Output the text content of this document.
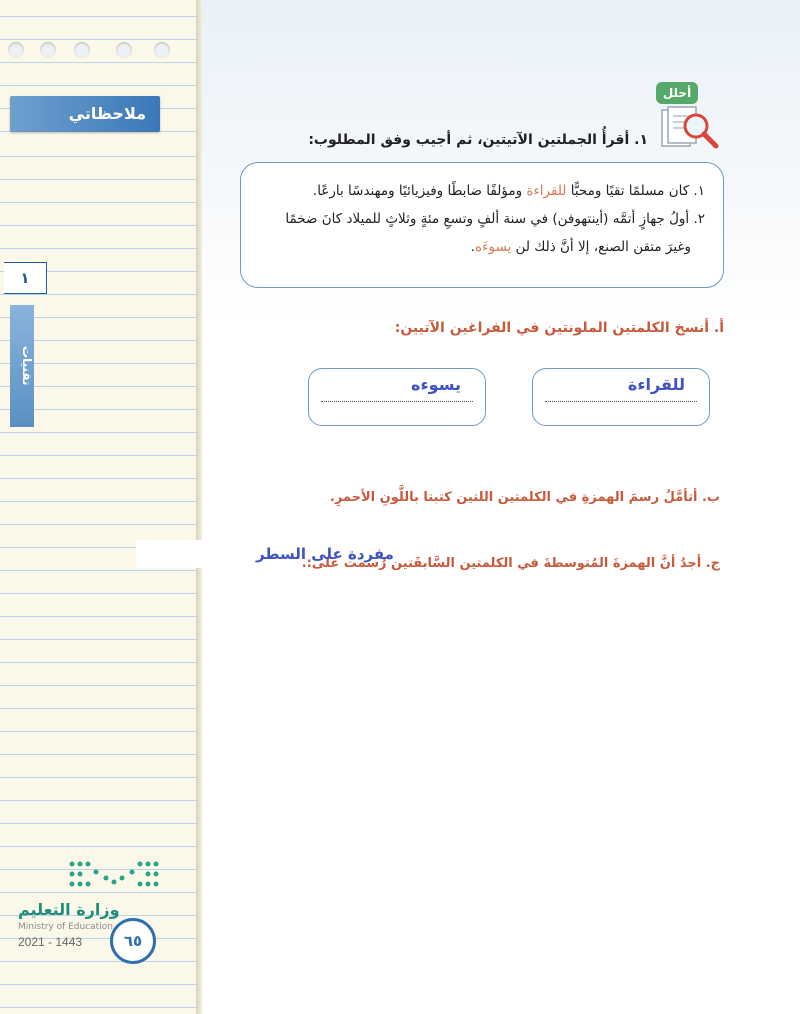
ملاحظاتي
١
تقنيات
وزارة التعليم
Ministry of Education
2021 - 1443	٦٥
أحلل
١. أقرأُ الجملتين الآتيتين، ثم أجيب وفق المطلوب:

١. كان مسلمًا تقيًا ومحبًّا للقراءة ومؤلفًا ضابطًا وفيزيائيًا ومهندسًا بارعًا.

٢. أولُ جهازٍ أتمَّه (أينتهوفن) في سنة ألفٍ وتسعِ مئةٍ وثلاثٍ للميلاد كانَ ضخمًا

وغيرَ متقن الصنع، إلا أنَّ ذلك لن يسوءَه.

أ. أنسخ الكلمتين الملونتين في الفراغين الآتيين:
للقراءة
يسوءه
ب. أتأمَّلُ رسمَ الهمزةِ في الكلمتين اللتين كتبتا باللَّونِ الأحمرِ.
ج. أجدُ أنَّ الهمزةَ المُتوسطةَ في الكلمتين السَّابقَتين رُسمت على:.
مفردة على السطر
